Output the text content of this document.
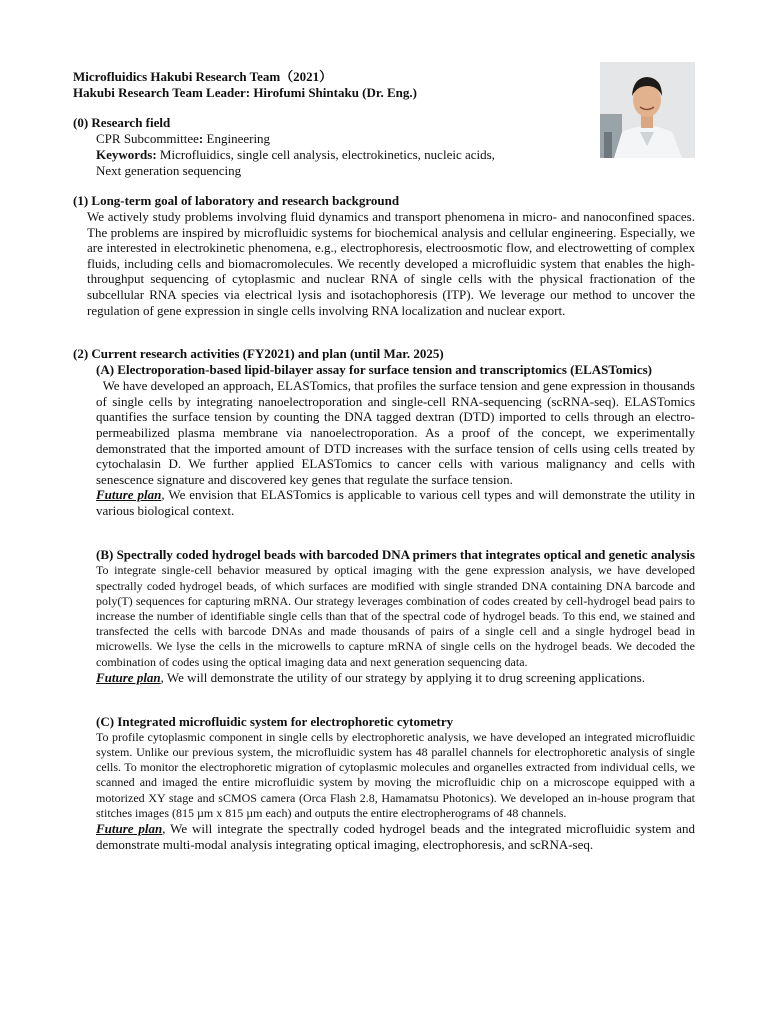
Microfluidics Hakubi Research Team（2021）
Hakubi Research Team Leader: Hirofumi Shintaku (Dr. Eng.)
(0) Research field
CPR Subcommittee: Engineering
Keywords: Microfluidics, single cell analysis, electrokinetics, nucleic acids,
Next generation sequencing
(1) Long-term goal of laboratory and research background
We actively study problems involving fluid dynamics and transport phenomena in micro- and nanoconfined spaces. The problems are inspired by microfluidic systems for biochemical analysis and cellular engineering. Especially, we are interested in electrokinetic phenomena, e.g., electrophoresis, electroosmotic flow, and electrowetting of complex fluids, including cells and biomacromolecules. We recently developed a microfluidic system that enables the high-throughput sequencing of cytoplasmic and nuclear RNA of single cells with the physical fractionation of the subcellular RNA species via electrical lysis and isotachophoresis (ITP). We leverage our method to uncover the regulation of gene expression in single cells involving RNA localization and nuclear export.
(2) Current research activities (FY2021) and plan (until Mar. 2025)
(A) Electroporation-based lipid-bilayer assay for surface tension and transcriptomics (ELASTomics)
We have developed an approach, ELASTomics, that profiles the surface tension and gene expression in thousands of single cells by integrating nanoelectroporation and single-cell RNA-sequencing (scRNA-seq). ELASTomics quantifies the surface tension by counting the DNA tagged dextran (DTD) imported to cells through an electro-permeabilized plasma membrane via nanoelectroporation. As a proof of the concept, we experimentally demonstrated that the imported amount of DTD increases with the surface tension of cells using cells treated by cytochalasin D. We further applied ELASTomics to cancer cells with various malignancy and cells with senescence signature and discovered key genes that regulate the surface tension.
Future plan, We envision that ELASTomics is applicable to various cell types and will demonstrate the utility in various biological context.
(B) Spectrally coded hydrogel beads with barcoded DNA primers that integrates optical and genetic analysis
To integrate single-cell behavior measured by optical imaging with the gene expression analysis, we have developed spectrally coded hydrogel beads, of which surfaces are modified with single stranded DNA containing DNA barcode and poly(T) sequences for capturing mRNA. Our strategy leverages combination of codes created by cell-hydrogel bead pairs to increase the number of identifiable single cells than that of the spectral code of hydrogel beads. To this end, we stained and transfected the cells with barcode DNAs and made thousands of pairs of a single cell and a single hydrogel bead in microwells. We lyse the cells in the microwells to capture mRNA of single cells on the hydrogel beads. We decoded the combination of codes using the optical imaging data and next generation sequencing data.
Future plan, We will demonstrate the utility of our strategy by applying it to drug screening applications.
(C) Integrated microfluidic system for electrophoretic cytometry
To profile cytoplasmic component in single cells by electrophoretic analysis, we have developed an integrated microfluidic system. Unlike our previous system, the microfluidic system has 48 parallel channels for electrophoretic analysis of single cells. To monitor the electrophoretic migration of cytoplasmic molecules and organelles extracted from individual cells, we scanned and imaged the entire microfluidic system by moving the microfluidic chip on a microscope equipped with a motorized XY stage and sCMOS camera (Orca Flash 2.8, Hamamatsu Photonics). We developed an in-house program that stitches images (815 µm x 815 µm each) and outputs the entire electropherograms of 48 channels.
Future plan, We will integrate the spectrally coded hydrogel beads and the integrated microfluidic system and demonstrate multi-modal analysis integrating optical imaging, electrophoresis, and scRNA-seq.
